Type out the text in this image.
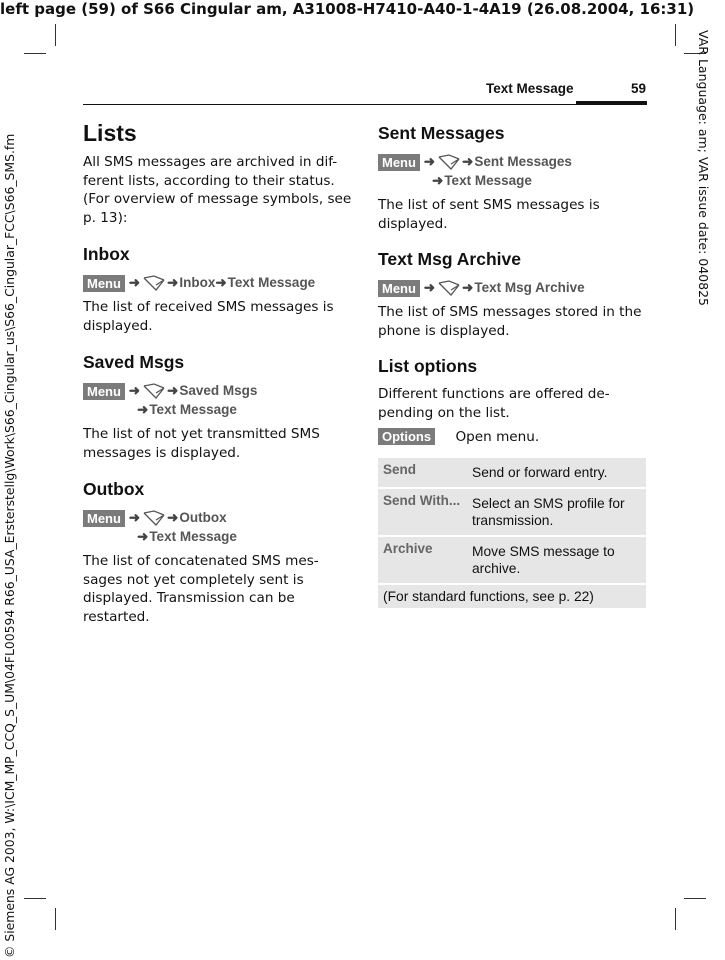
left page (59) of S66 Cingular am, A31008-H7410-A40-1-4A19 (26.08.2004, 16:31)
VAR Language: am; VAR issue date: 040825
© Siemens AG 2003, W:\ICM_MP_CCQ_S_UM\04FL00594 R66_USA_Ersterstellg\Work\S66_Cingular_us\S66_Cingular_FCC\S66_SMS.fm
Text Message	59
Lists

All SMS messages are archived in dif-ferent lists, according to their status. (For overview of message symbols, see p. 13):

Inbox
Menu ➜ ➜Inbox➜Text Message

The list of received SMS messages is displayed.

Saved Msgs
Menu ➜ ➜Saved Msgs
➜Text Message

The list of not yet transmitted SMS messages is displayed.

Outbox
Menu ➜ ➜Outbox
➜Text Message

The list of concatenated SMS mes-sages not yet completely sent is displayed. Transmission can be restarted.

Sent Messages
Menu ➜ ➜Sent Messages
➜Text Message

The list of sent SMS messages is displayed.

Text Msg Archive
Menu ➜ ➜Text Msg Archive

The list of SMS messages stored in the phone is displayed.

List options

Different functions are offered de-pending on the list.

Options Open menu.
Send	Send or forward entry.
Send With... Select an SMS profile for transmission.
Archive	Move SMS message to archive.
(For standard functions, see p. 22)
